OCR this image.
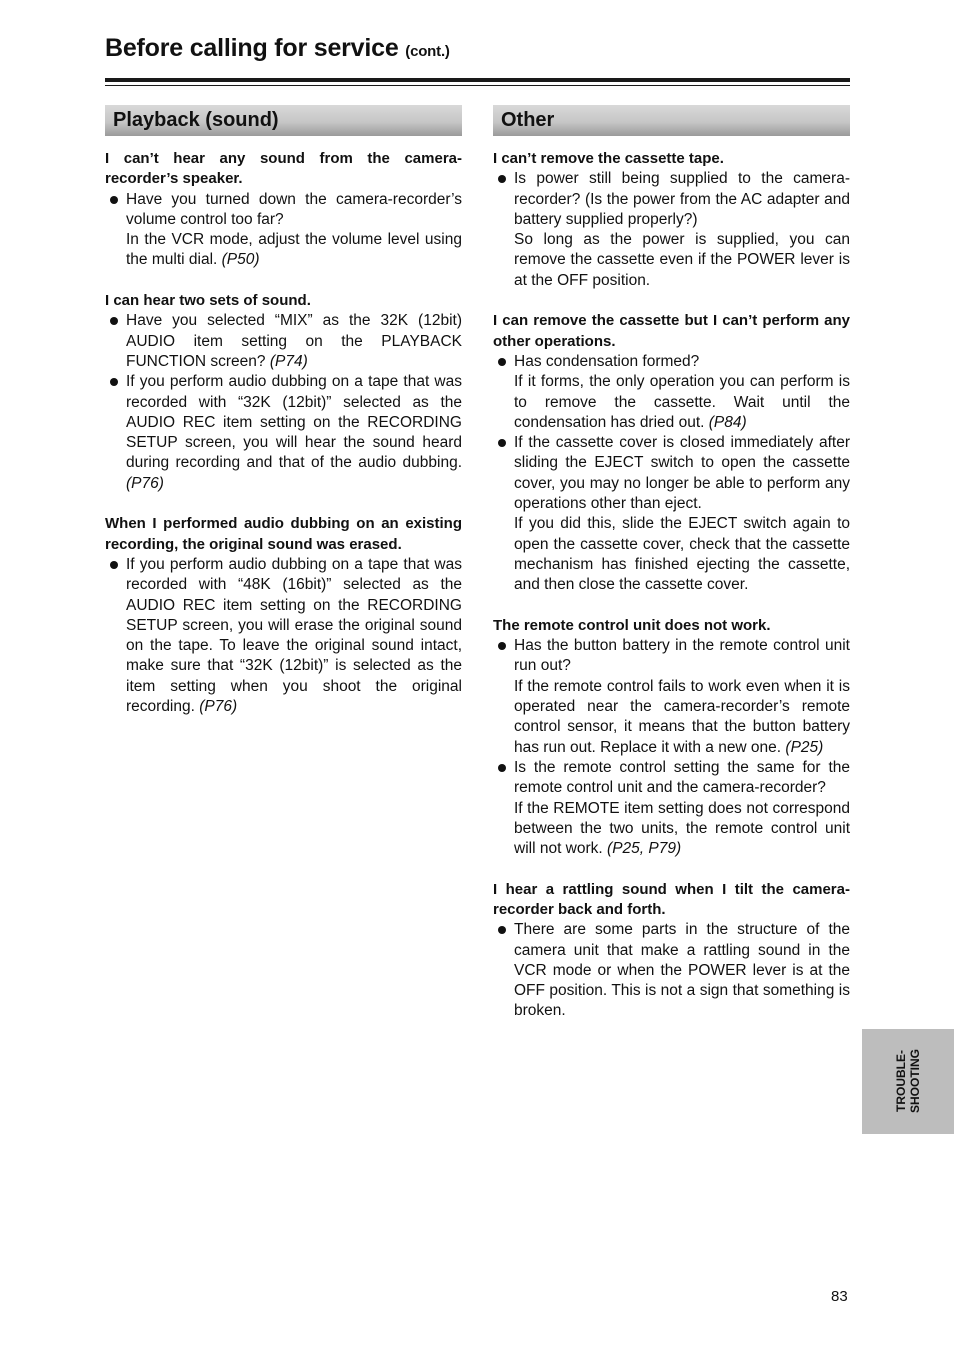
Before calling for service (cont.)
Playback (sound)

I can’t hear any sound from the camera-recorder’s speaker.

Have you turned down the camera-recorder’s volume control too far?
In the VCR mode, adjust the volume level using the multi dial. (P50)

I can hear two sets of sound.

Have you selected “MIX” as the 32K (12bit) AUDIO item setting on the PLAYBACK FUNCTION screen? (P74)
If you perform audio dubbing on a tape that was recorded with “32K (12bit)” selected as the AUDIO REC item setting on the RECORDING SETUP screen, you will hear the sound heard during recording and that of the audio dubbing. (P76)

When I performed audio dubbing on an existing recording, the original sound was erased.

If you perform audio dubbing on a tape that was recorded with “48K (16bit)” selected as the AUDIO REC item setting on the RECORDING SETUP screen, you will erase the original sound on the tape. To leave the original sound intact, make sure that “32K (12bit)” is selected as the item setting when you shoot the original recording. (P76)
Other

I can’t remove the cassette tape.

Is power still being supplied to the camera-recorder? (Is the power from the AC adapter and battery supplied properly?)
So long as the power is supplied, you can remove the cassette even if the POWER lever is at the OFF position.

I can remove the cassette but I can’t perform any other operations.

Has condensation formed?
If it forms, the only operation you can perform is to remove the cassette. Wait until the condensation has dried out. (P84)
If the cassette cover is closed immediately after sliding the EJECT switch to open the cassette cover, you may no longer be able to perform any operations other than eject.
If you did this, slide the EJECT switch again to open the cassette cover, check that the cassette mechanism has finished ejecting the cassette, and then close the cassette cover.

The remote control unit does not work.

Has the button battery in the remote control unit run out?
If the remote control fails to work even when it is operated near the camera-recorder’s remote control sensor, it means that the button battery has run out. Replace it with a new one. (P25)
Is the remote control setting the same for the remote control unit and the camera-recorder?
If the REMOTE item setting does not correspond between the two units, the remote control unit will not work. (P25, P79)

I hear a rattling sound when I tilt the camera-recorder back and forth.

There are some parts in the structure of the camera unit that make a rattling sound in the VCR mode or when the POWER lever is at the OFF position. This is not a sign that something is broken.
TROUBLE- SHOOTING
83
